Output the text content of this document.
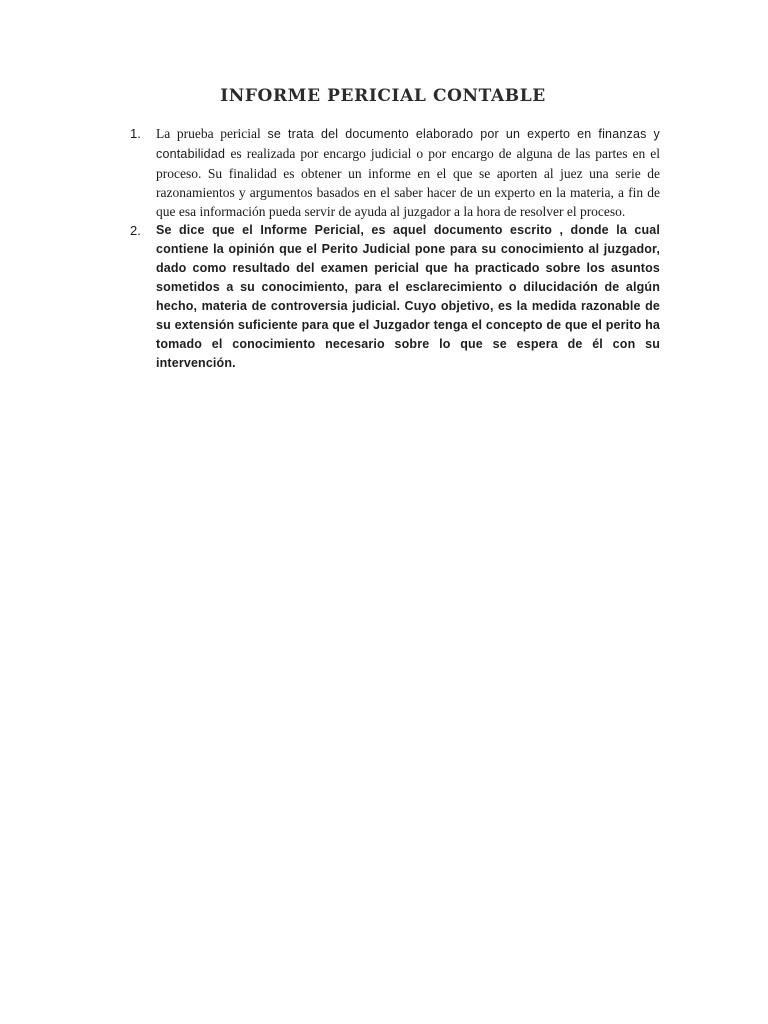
INFORME PERICIAL CONTABLE
1. La prueba pericial se trata del documento elaborado por un experto en finanzas y contabilidad es realizada por encargo judicial o por encargo de alguna de las partes en el proceso. Su finalidad es obtener un informe en el que se aporten al juez una serie de razonamientos y argumentos basados en el saber hacer de un experto en la materia, a fin de que esa información pueda servir de ayuda al juzgador a la hora de resolver el proceso.
2. Se dice que el Informe Pericial, es aquel documento escrito , donde la cual contiene la opinión que el Perito Judicial pone para su conocimiento al juzgador, dado como resultado del examen pericial que ha practicado sobre los asuntos sometidos a su conocimiento, para el esclarecimiento o dilucidación de algún hecho, materia de controversia judicial. Cuyo objetivo, es la medida razonable de su extensión suficiente para que el Juzgador tenga el concepto de que el perito ha tomado el conocimiento necesario sobre lo que se espera de él con su intervención.
